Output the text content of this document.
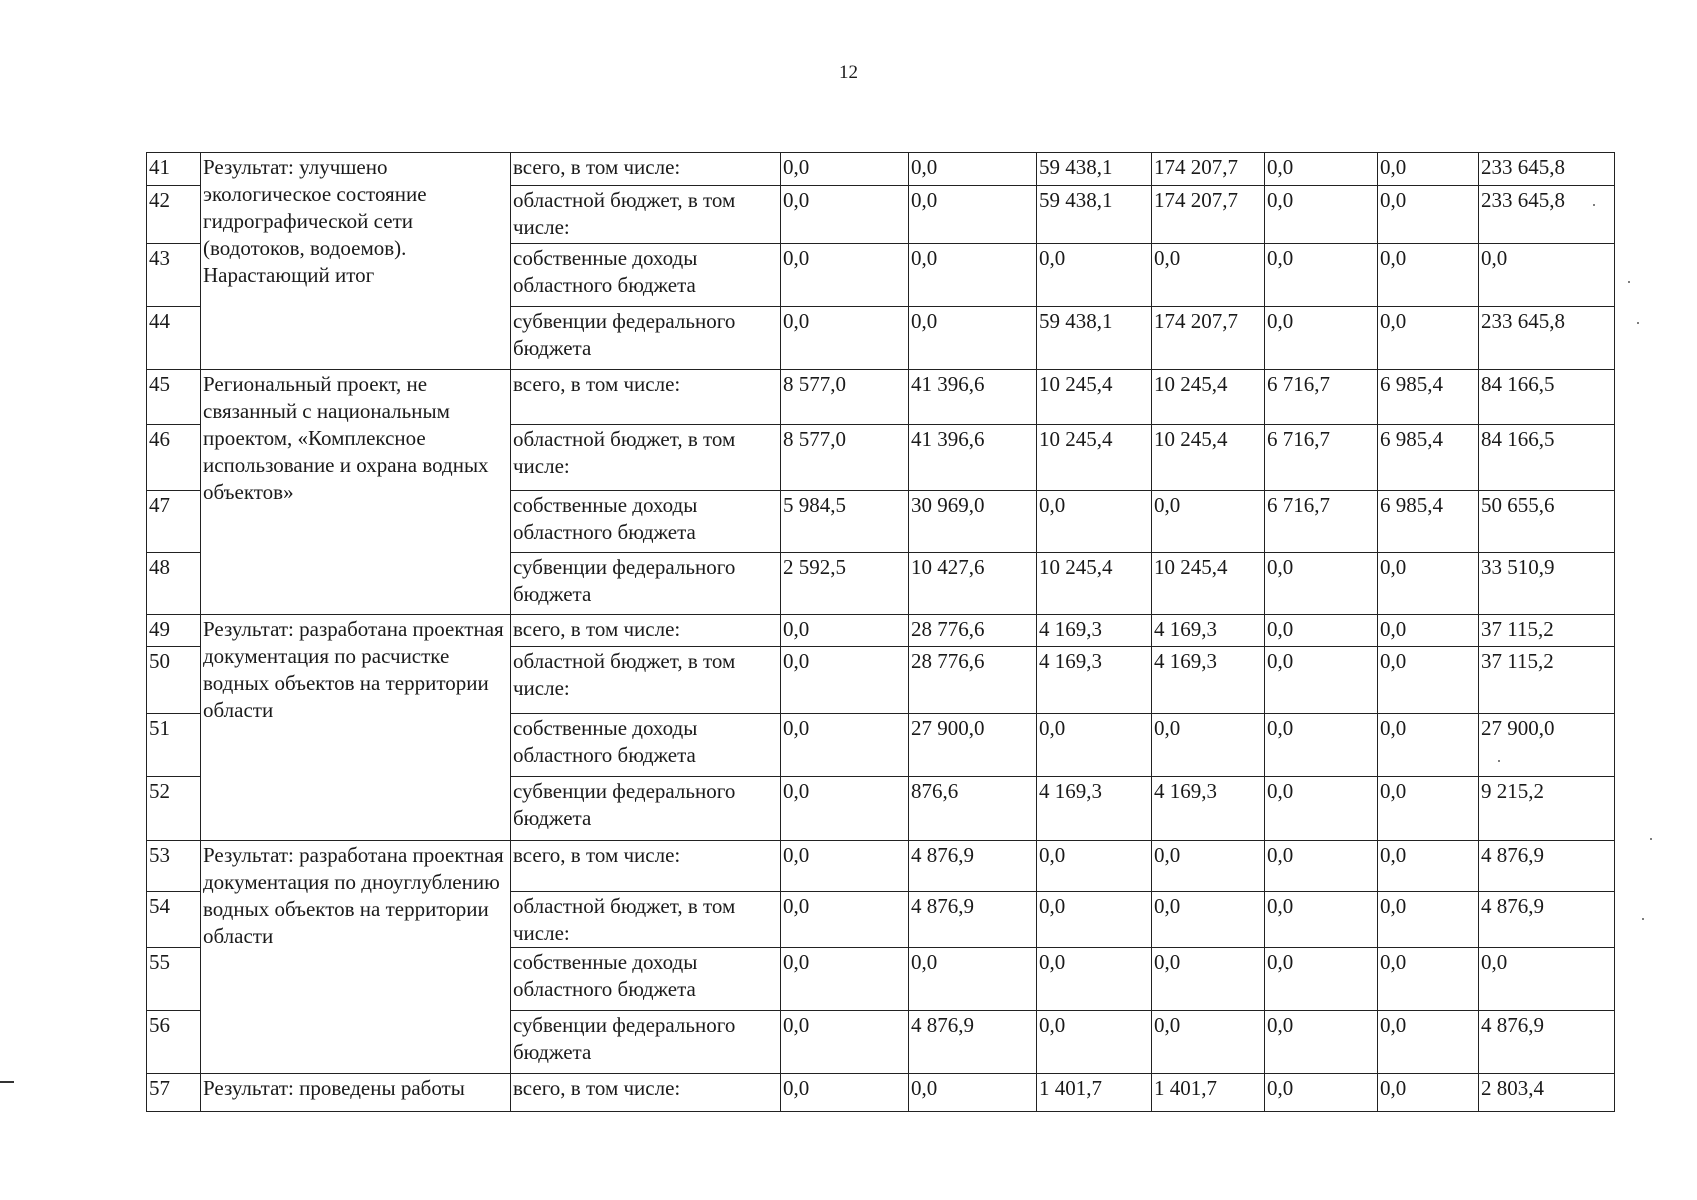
12
41	Результат: улучшено экологическое состояние гидрографической сети (водотоков, водоемов). Нарастающий итог	всего, в том числе:	0,0	0,0	59 438,1	174 207,7	0,0	0,0	233 645,8
42		областной бюджет, в том числе:	0,0	0,0	59 438,1	174 207,7	0,0	0,0	233 645,8
43		собственные доходы областного бюджета	0,0	0,0	0,0	0,0	0,0	0,0	0,0
44		субвенции федерального бюджета	0,0	0,0	59 438,1	174 207,7	0,0	0,0	233 645,8
45	Региональный проект, не связанный с национальным проектом, «Комплексное использование и охрана водных объектов»	всего, в том числе:	8 577,0	41 396,6	10 245,4	10 245,4	6 716,7	6 985,4	84 166,5
46		областной бюджет, в том числе:	8 577,0	41 396,6	10 245,4	10 245,4	6 716,7	6 985,4	84 166,5
47		собственные доходы областного бюджета	5 984,5	30 969,0	0,0	0,0	6 716,7	6 985,4	50 655,6
48		субвенции федерального бюджета	2 592,5	10 427,6	10 245,4	10 245,4	0,0	0,0	33 510,9
49	Результат: разработана проектная документация по расчистке водных объектов на территории области	всего, в том числе:	0,0	28 776,6	4 169,3	4 169,3	0,0	0,0	37 115,2
50		областной бюджет, в том числе:	0,0	28 776,6	4 169,3	4 169,3	0,0	0,0	37 115,2
51		собственные доходы областного бюджета	0,0	27 900,0	0,0	0,0	0,0	0,0	27 900,0
52		субвенции федерального бюджета	0,0	876,6	4 169,3	4 169,3	0,0	0,0	9 215,2
53	Результат: разработана проектная документация по дноуглублению водных объектов на территории области	всего, в том числе:	0,0	4 876,9	0,0	0,0	0,0	0,0	4 876,9
54		областной бюджет, в том числе:	0,0	4 876,9	0,0	0,0	0,0	0,0	4 876,9
55		собственные доходы областного бюджета	0,0	0,0	0,0	0,0	0,0	0,0	0,0
56		субвенции федерального бюджета	0,0	4 876,9	0,0	0,0	0,0	0,0	4 876,9
57	Результат: проведены работы	всего, в том числе:	0,0	0,0	1 401,7	1 401,7	0,0	0,0	2 803,4
